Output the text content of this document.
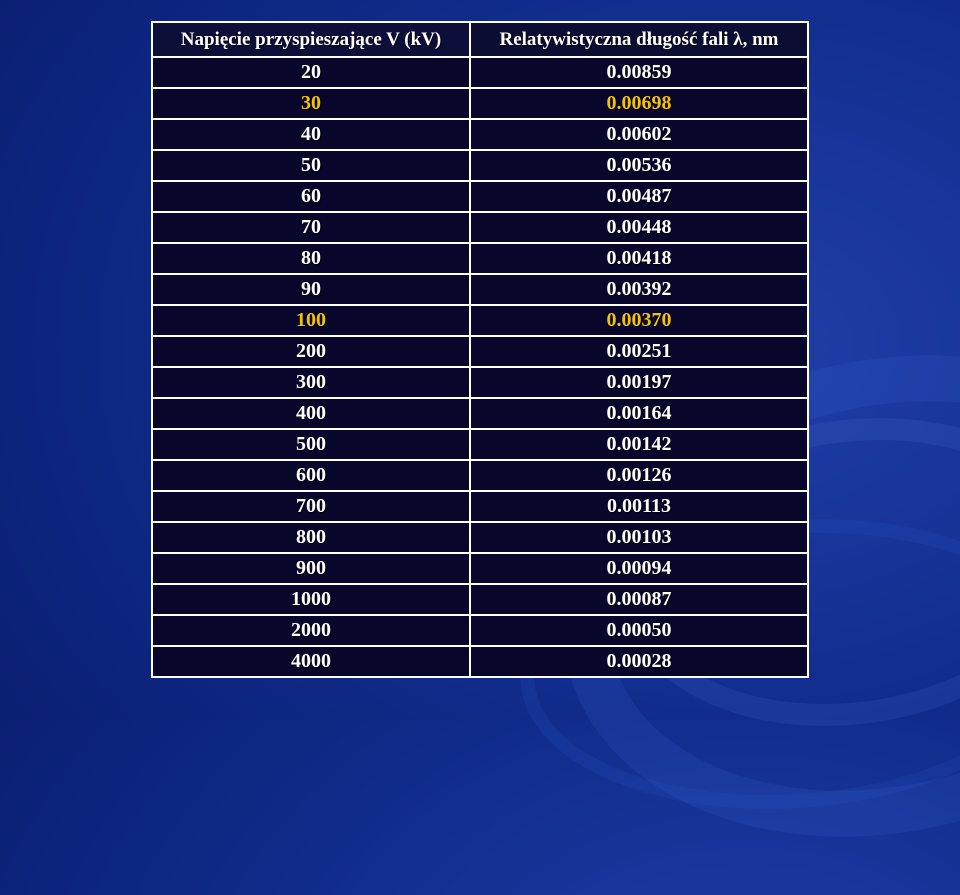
Napięcie przyspieszające V (kV)	Relatywistyczna długość fali λ, nm
20	0.00859
30	0.00698
40	0.00602
50	0.00536
60	0.00487
70	0.00448
80	0.00418
90	0.00392
100	0.00370
200	0.00251
300	0.00197
400	0.00164
500	0.00142
600	0.00126
700	0.00113
800	0.00103
900	0.00094
1000	0.00087
2000	0.00050
4000	0.00028
